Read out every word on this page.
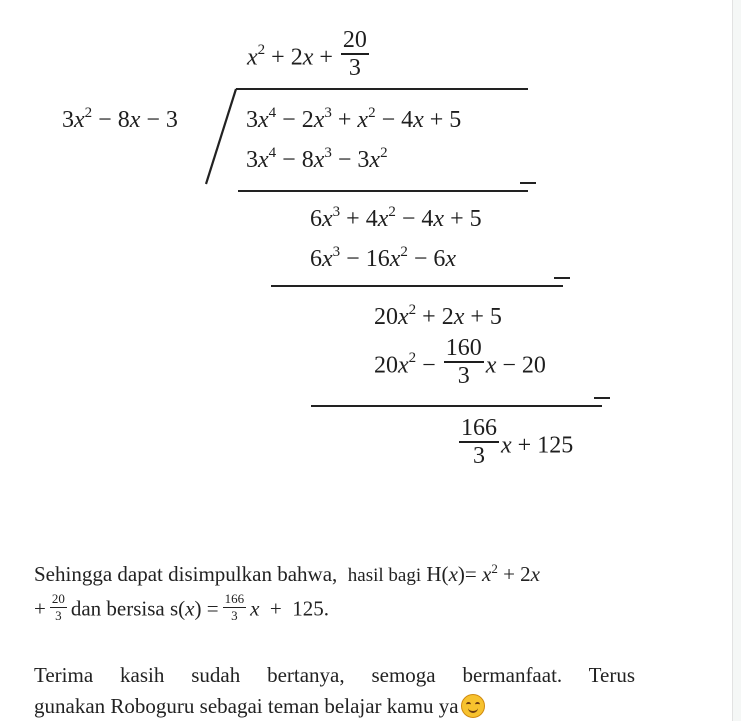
$x^2 + 2x + \frac{20}{3}$
$3x^2 - 8x - 3$	$3x^4 - 2x^3 + x^2 - 4x + 5$
$3x^4 - 8x^3 - 3x^2$
$6x^3 + 4x^2 - 4x + 5$
$6x^3 - 16x^2 - 6x$
$20x^2 + 2x + 5$
$20x^2 - \frac{160}{3}$ x − 20
$\frac{166}{3}$ x + 125
Sehingga dapat disimpulkan bahwa, hasil bagi $H(x)= x^2 + 2x$
+ $\frac{20}{3}$ dan bersisa $s(x) = \frac{166}{3}$ x  +  125.
Terima kasih sudah bertanya, semoga bermanfaat. Terus
gunakan Roboguru sebagai teman belajar kamu ya
